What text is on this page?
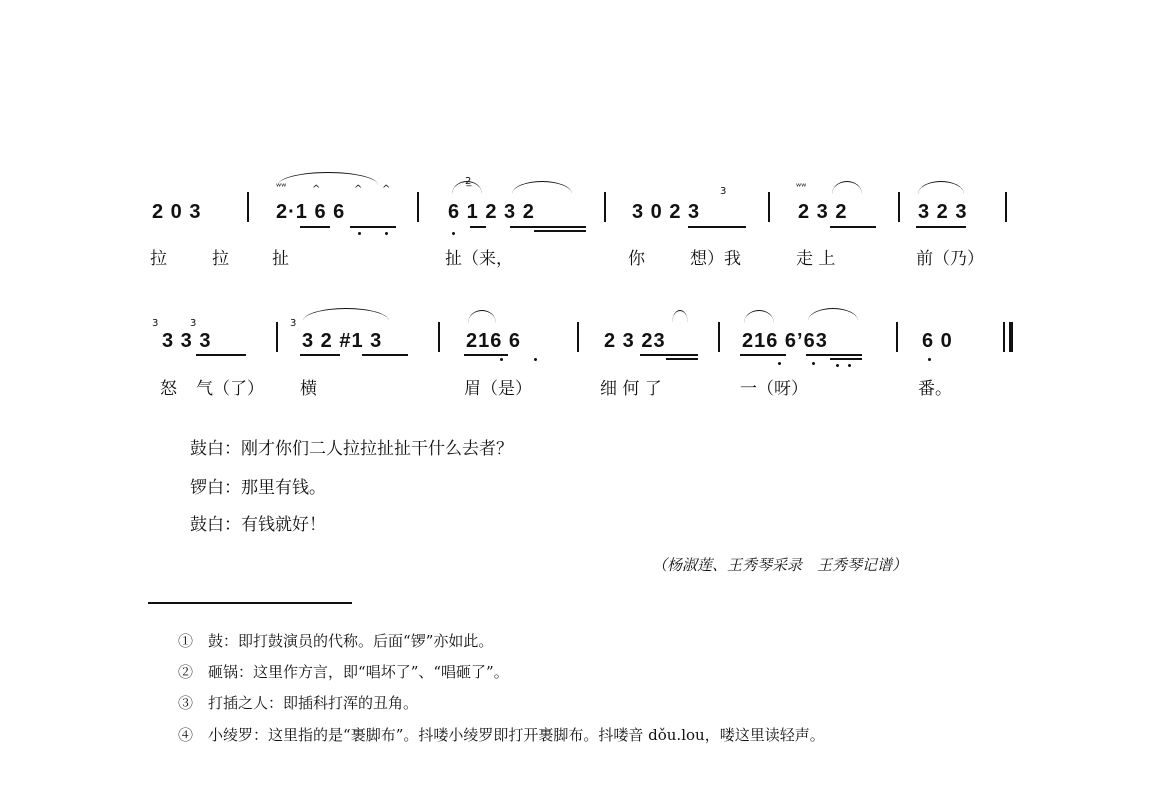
2 0 3
ʷʷ	^	^ ^
2·1 6 6
2̲
6 1 2 3 2
3
3 0 2 3
ʷʷ
2 3 2	3 2 3
拉	拉	扯	扯（来，	你	想）我	走 上	前（乃）
3	3
3 3 3
3
3 2 #1 3	216 6	2 3 23	216 6’63	6 0
怒 气（了） 横	眉（是）	细 何 了	一（呀）	番。
鼓白：刚才你们二人拉拉扯扯干什么去者？
锣白：那里有钱。
鼓白：有钱就好！
（杨淑莲、王秀琴采录　王秀琴记谱）
①　 鼓：即打鼓演员的代称。后面“锣”亦如此。
②　 砸锅：这里作方言，即“唱坏了”、“唱砸了”。
③　 打插之人：即插科打浑的丑角。
④　 小绫罗：这里指的是“裹脚布”。抖喽小绫罗即打开裹脚布。抖喽音 dǒu.lou，喽这里读轻声。
